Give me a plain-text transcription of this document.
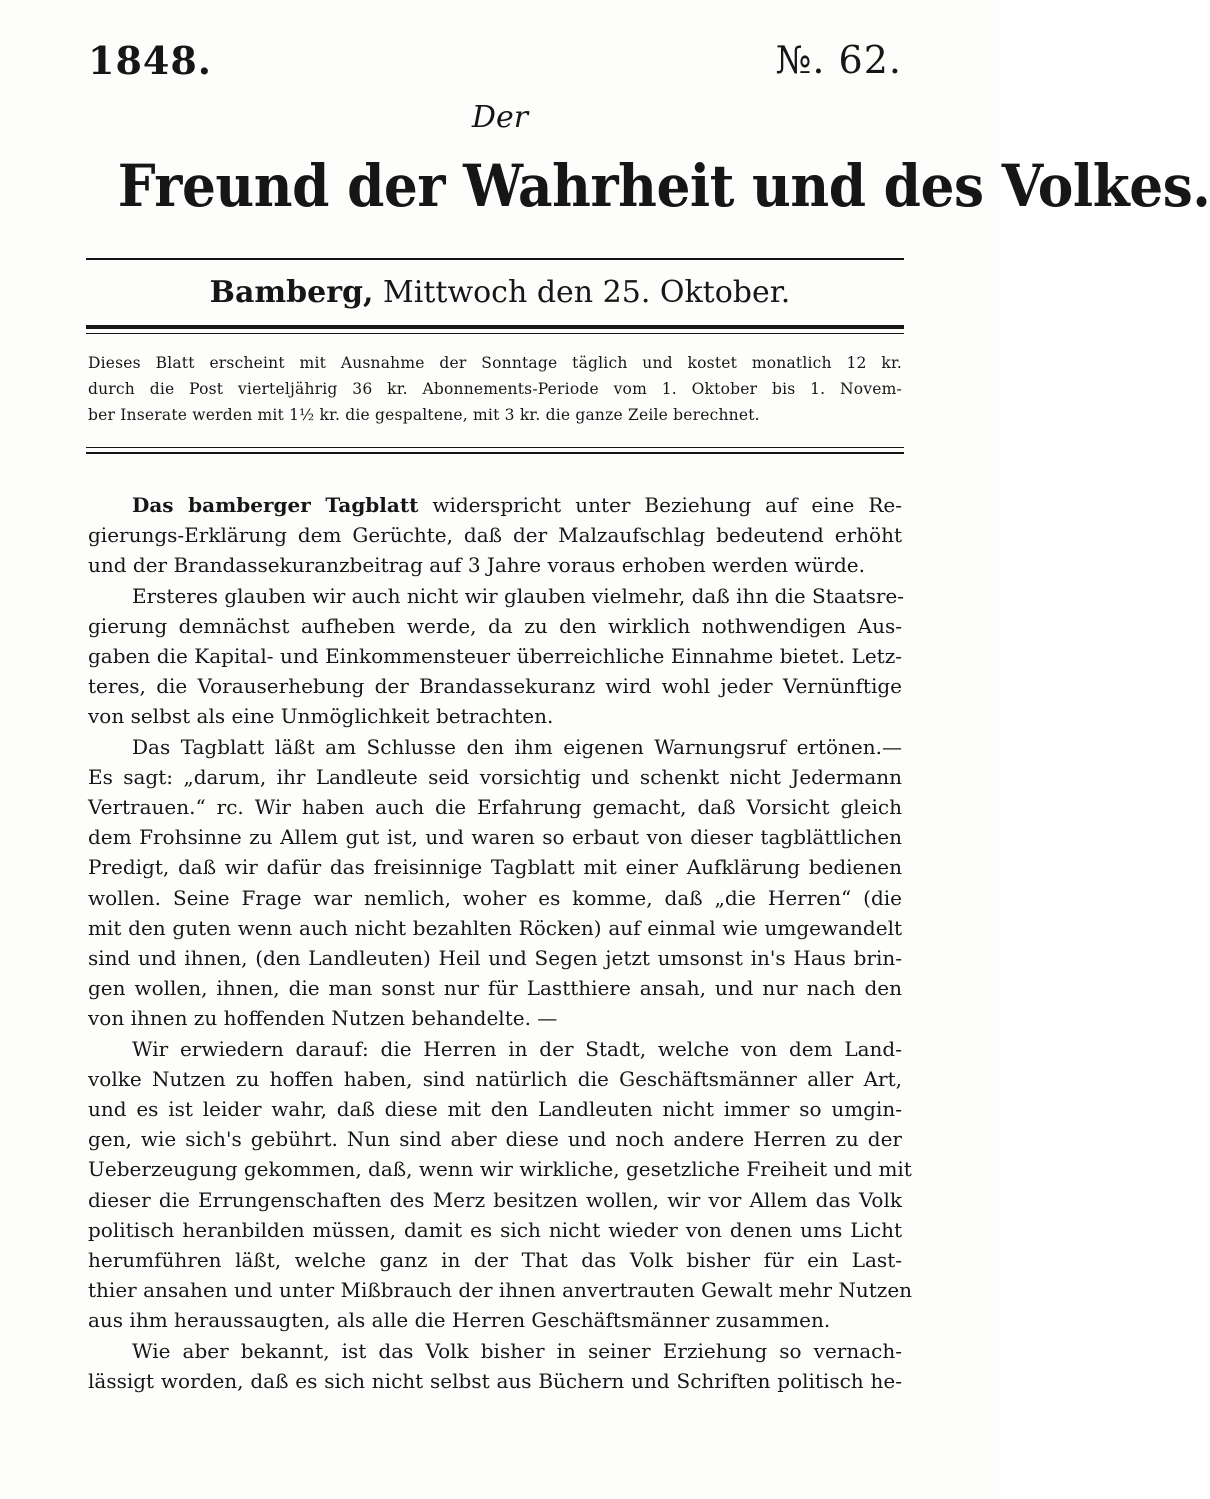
1848.	№. 62.
Der
Freund der Wahrheit und des Volkes.
Bamberg, Mittwoch den 25. Oktober.
Dieses Blatt erscheint mit Ausnahme der Sonntage täglich und kostet monatlich 12 kr.
durch die Post vierteljährig 36 kr. Abonnements-Periode vom 1. Oktober bis 1. Novem-
ber Inserate werden mit 1½ kr. die gespaltene, mit 3 kr. die ganze Zeile berechnet.
Das bamberger Tagblatt widerspricht unter Beziehung auf eine Re-
gierungs-Erklärung dem Gerüchte, daß der Malzaufschlag bedeutend erhöht
und der Brandassekuranzbeitrag auf 3 Jahre voraus erhoben werden würde.
Ersteres glauben wir auch nicht wir glauben vielmehr, daß ihn die Staatsre-
gierung demnächst aufheben werde, da zu den wirklich nothwendigen Aus-
gaben die Kapital- und Einkommensteuer überreichliche Einnahme bietet. Letz-
teres, die Vorauserhebung der Brandassekuranz wird wohl jeder Vernünftige
von selbst als eine Unmöglichkeit betrachten.
Das Tagblatt läßt am Schlusse den ihm eigenen Warnungsruf ertönen.—
Es sagt: „darum, ihr Landleute seid vorsichtig und schenkt nicht Jedermann
Vertrauen.“ rc. Wir haben auch die Erfahrung gemacht, daß Vorsicht gleich
dem Frohsinne zu Allem gut ist, und waren so erbaut von dieser tagblättlichen
Predigt, daß wir dafür das freisinnige Tagblatt mit einer Aufklärung bedienen
wollen. Seine Frage war nemlich, woher es komme, daß „die Herren“ (die
mit den guten wenn auch nicht bezahlten Röcken) auf einmal wie umgewandelt
sind und ihnen, (den Landleuten) Heil und Segen jetzt umsonst in's Haus brin-
gen wollen, ihnen, die man sonst nur für Lastthiere ansah, und nur nach den
von ihnen zu hoffenden Nutzen behandelte. —
Wir erwiedern darauf: die Herren in der Stadt, welche von dem Land-
volke Nutzen zu hoffen haben, sind natürlich die Geschäftsmänner aller Art,
und es ist leider wahr, daß diese mit den Landleuten nicht immer so umgin-
gen, wie sich's gebührt. Nun sind aber diese und noch andere Herren zu der
Ueberzeugung gekommen, daß, wenn wir wirkliche, gesetzliche Freiheit und mit
dieser die Errungenschaften des Merz besitzen wollen, wir vor Allem das Volk
politisch heranbilden müssen, damit es sich nicht wieder von denen ums Licht
herumführen läßt, welche ganz in der That das Volk bisher für ein Last-
thier ansahen und unter Mißbrauch der ihnen anvertrauten Gewalt mehr Nutzen
aus ihm heraussaugten, als alle die Herren Geschäftsmänner zusammen.
Wie aber bekannt, ist das Volk bisher in seiner Erziehung so vernach-
lässigt worden, daß es sich nicht selbst aus Büchern und Schriften politisch he-
